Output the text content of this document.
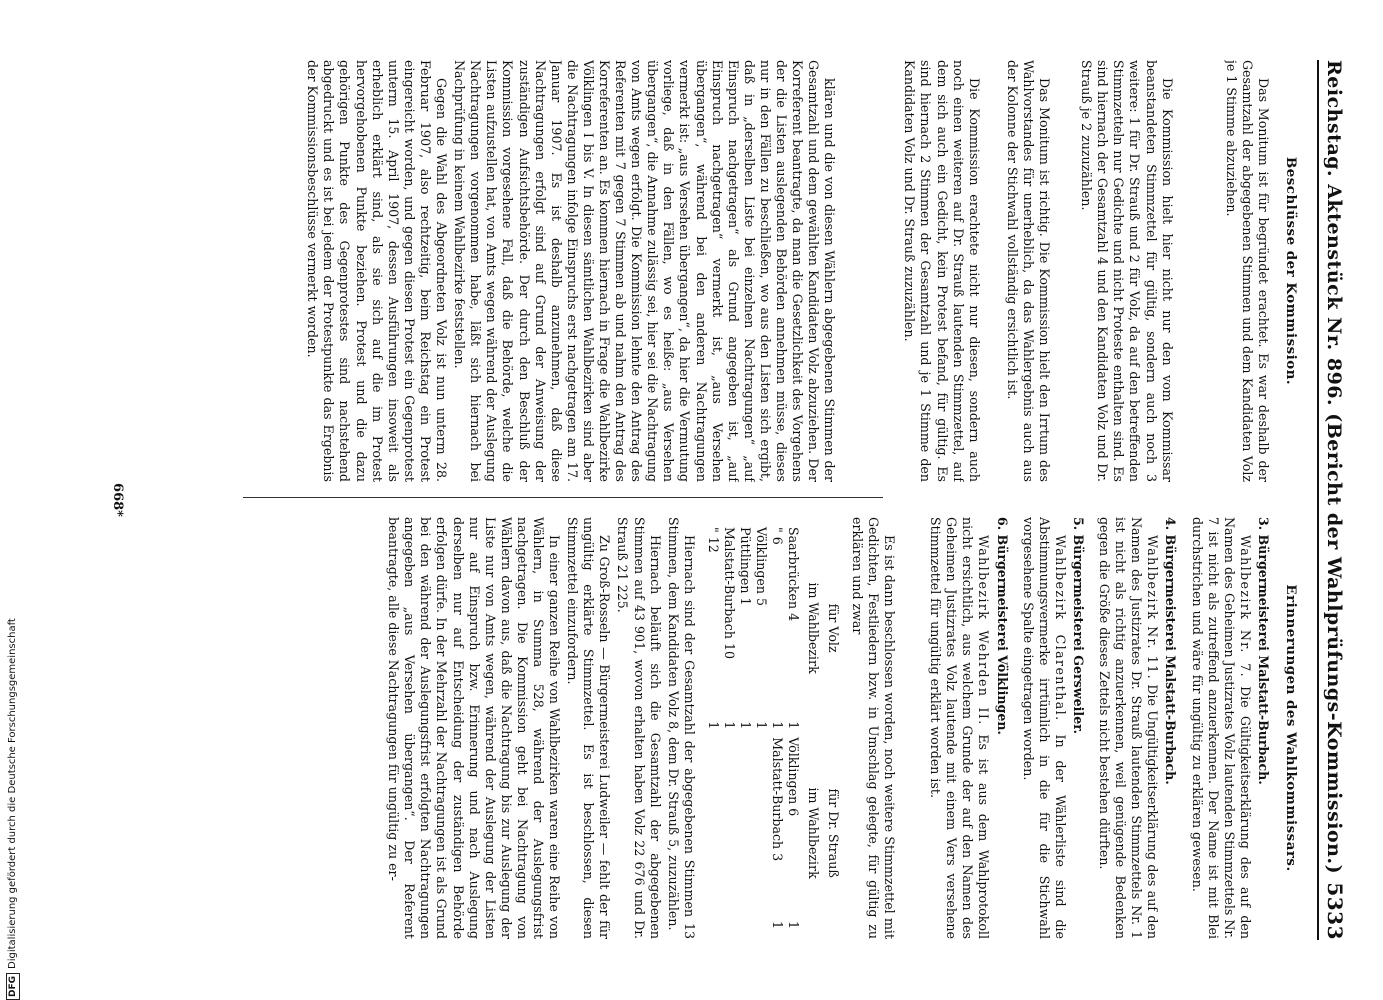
Reichstag. Aktenstück Nr. 896. (Bericht der Wahlprüfungs-Kommission.)
5333
Beschlüsse der Kommission.

Das Monitum ist für begründet erachtet. Es war deshalb der Gesamtzahl der abgegebenen Stimmen und dem Kandidaten Volz je 1 Stimme abzuziehen.

Die Kommission hielt hier nicht nur den vom Kommissar beanstandeten Stimmzettel für gültig, sondern auch noch 3 weitere: 1 für Dr. Strauß und 2 für Volz, da auf den betreffenden Stimmzetteln nur Gedichte und nicht Proteste enthalten sind. Es sind hiernach der Gesamtzahl 4 und den Kandidaten Volz und Dr. Strauß je 2 zuzuzählen.

Das Monitum ist richtig. Die Kommission hielt den Irrtum des Wahlvorstandes für unerheblich, da das Wahlergebnis auch aus der Kolonne der Stichwahl vollständig ersichtlich ist.

Die Kommission erachtete nicht nur diesen, sondern auch noch einen weiteren auf Dr. Strauß lautenden Stimmzettel, auf dem sich auch ein Gedicht, kein Protest befand, für gültig. Es sind hiernach 2 Stimmen der Gesamtzahl und je 1 Stimme den Kandidaten Volz und Dr. Strauß zuzuzählen.

klären und die von diesen Wählern abgegebenen Stimmen der Gesamtzahl und dem gewählten Kandidaten Volz abzuziehen. Der Korreferent beantragte, da man die Gesetzlichkeit des Vorgehens der die Listen auslegenden Behörden annehmen müsse, dieses nur in den Fällen zu beschließen, wo aus den Listen sich ergibt, daß in „derselben Liste bei einzelnen Nachtragungen“ „auf Einspruch nachgetragen“ als Grund angegeben ist, „auf Einspruch nachgetragen“ vermerkt ist, „aus Versehen übergangen“, während bei den anderen Nachtragungen vermerkt ist: „aus Versehen übergangen“, da hier die Vermutung vorliege, daß in den Fällen, wo es heiße: „aus Versehen übergangen“, die Annahme zulässig sei, hier sei die Nachtragung von Amts wegen erfolgt. Die Kommission lehnte den Antrag des Referenten mit 7 gegen 7 Stimmen ab und nahm den Antrag des Korreferenten an. Es kommen hiernach in Frage die Wahlbezirke Völklingen I bis V. In diesen sämtlichen Wahlbezirken sind aber die Nachtragungen infolge Einspruchs erst nachgetragen am 17. Januar 1907. Es ist deshalb anzunehmen, daß diese Nachtragungen erfolgt sind auf Grund der Anweisung der zuständigen Aufsichtsbehörde. Der durch den Beschluß der Kommission vorgesehene Fall, daß die Behörde, welche die Listen aufzustellen hat, von Amts wegen während der Auslegung Nachtragungen vorgenommen habe, läßt sich hiernach bei Nachprüfung in keinem Wahlbezirke feststellen.

Gegen die Wahl des Abgeordneten Volz ist nun unterm 28. Februar 1907, also rechtzeitig, beim Reichstag ein Protest eingereicht worden, und gegen diesen Protest ein Gegenprotest unterm 15. April 1907, dessen Ausführungen insoweit als erheblich erklärt sind, als sie sich auf die im Protest hervorgehobenen Punkte beziehen. Protest und die dazu gehörigen Punkte des Gegenprotestes sind nachstehend abgedruckt und es ist bei jedem der Protestpunkte das Ergebnis der Kommissionsbeschlüsse vermerkt worden.

Erinnerungen des Wahlkommissars.

3. Bürgermeisterei Malstatt-Burbach.

Wahlbezirk Nr. 7. Die Gültigkeitserklärung des auf den Namen des Geheimen Justizrates Volz lautenden Stimmzettels Nr. 7 ist nicht als zutreffend anzuerkennen. Der Name ist mit Blei durchstrichen und wäre für ungültig zu erklären gewesen.

4. Bürgermeisterei Malstatt-Burbach.

Wahlbezirk Nr. 11. Die Ungültigkeitserklärung des auf den Namen des Justizrates Dr. Strauß lautenden Stimmzettels Nr. 1 ist nicht als richtig anzuerkennen, weil genügende Bedenken gegen die Größe dieses Zettels nicht bestehen dürften.

5. Bürgermeisterei Gersweiler.

Wahlbezirk Clarenthal. In der Wählerliste sind die Abstimmungsvermerke irrtümlich in die für die Stichwahl vorgesehene Spalte eingetragen worden.

6. Bürgermeisterei Völklingen.

Wahlbezirk Wehrden II. Es ist aus dem Wahlprotokoll nicht ersichtlich, aus welchem Grunde der auf den Namen des Geheimen Justizrates Volz lautende mit einem Vers versehene Stimmzettel für ungültig erklärt worden ist.

Es ist dann beschlossen worden, noch weitere Stimmzettel mit Gedichten, Festliedern bzw. in Umschlag gelegte, für gültig zu erklären und zwar

für Volz		für Dr. Strauß	
im Wahlbezirk		im Wahlbezirk	
Saarbrücken 4	1	Völklingen 6	1
" 6	1	Malstatt-Burbach 3	1
Völklingen 5	1		
Püttlingen 1	1		
Malstatt-Burbach 10	1		
" 12	1		

Hiernach sind der Gesamtzahl der abgegebenen Stimmen 13 Stimmen, dem Kandidaten Volz 8, dem Dr. Strauß 5, zuzuzählen.

Hiernach beläuft sich die Gesamtzahl der abgegebenen Stimmen auf 43 901, wovon erhalten haben Volz 22 676 und Dr. Strauß 21 225.

Zu Groß-Rosseln — Bürgermeisterei Ludweiler — fehlt der für ungültig erklärte Stimmzettel. Es ist beschlossen, diesen Stimmzettel einzufordern.

In einer ganzen Reihe von Wahlbezirken waren eine Reihe von Wählern, in Summa 528, während der Auslegungsfrist nachgetragen. Die Kommission geht bei Nachtragung von Wählern davon aus, daß die Nachtragung bis zur Auslegung der Liste nur von Amts wegen, während der Auslegung der Listen nur auf Einspruch bzw. Erinnerung und nach Auslegung derselben nur auf Entscheidung der zuständigen Behörde erfolgen dürfe. In der Mehrzahl der Nachtragungen ist als Grund bei den während der Auslegungsfrist erfolgten Nachtragungen angegeben „aus Versehen übergangen“. Der Referent beantragte, alle diese Nachtragungen für ungültig zu er-

668*
DFG
Digitalisierung gefördert durch die Deutsche Forschungsgemeinschaft
